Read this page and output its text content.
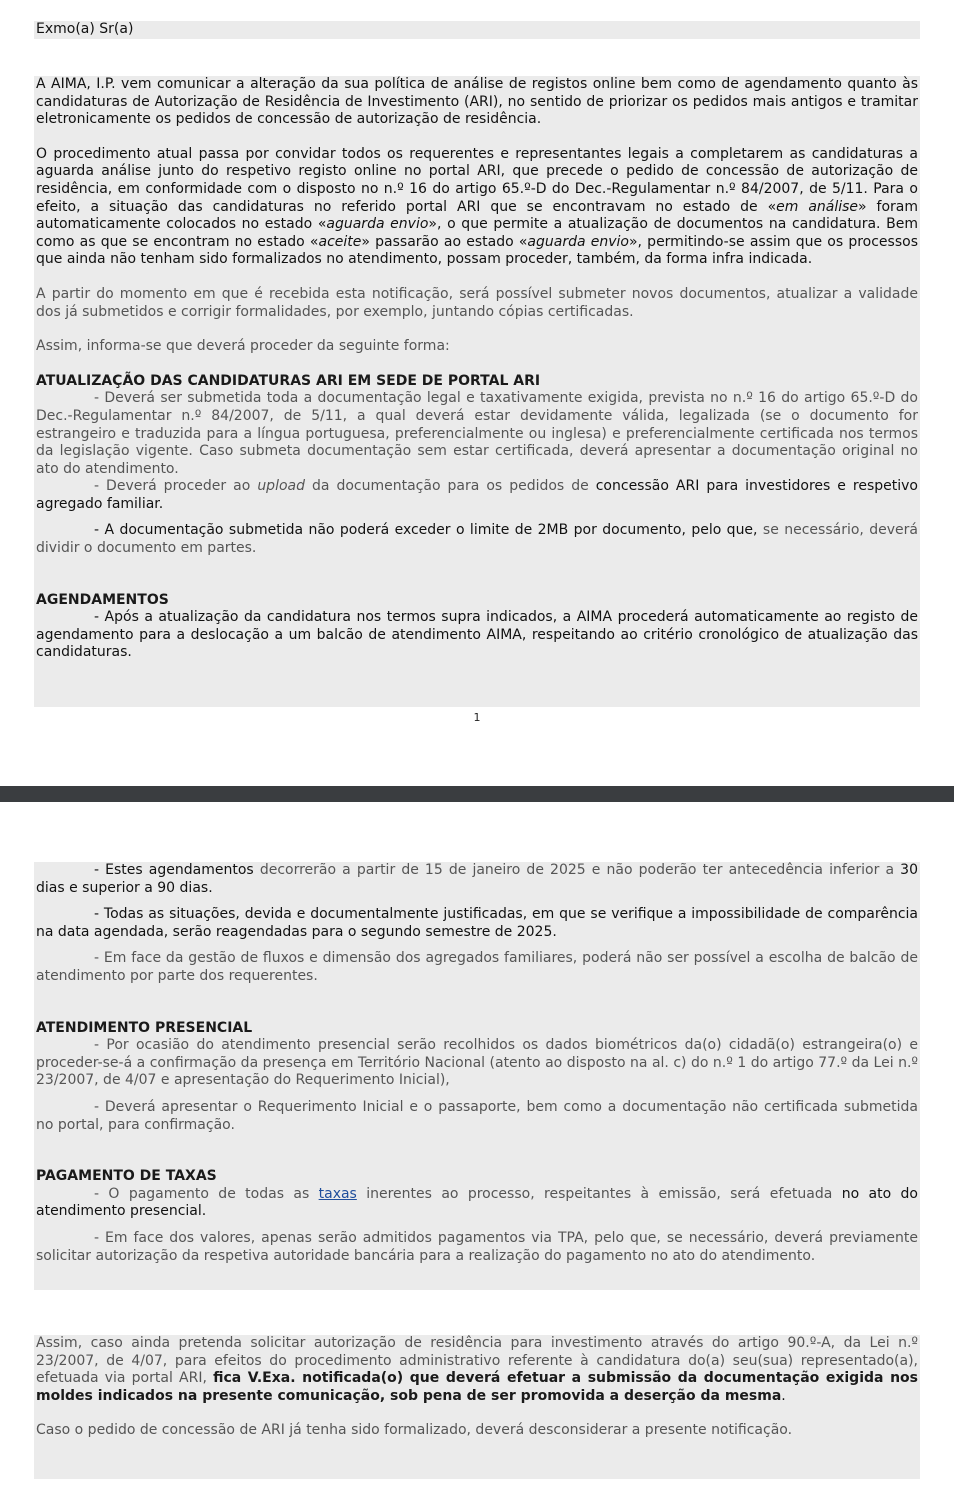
Exmo(a) Sr(a)

A AIMA, I.P. vem comunicar a alteração da sua política de análise de registos online bem como de agendamento quanto às candidaturas de Autorização de Residência de Investimento (ARI), no sentido de priorizar os pedidos mais antigos e tramitar eletronicamente os pedidos de concessão de autorização de residência.

O procedimento atual passa por convidar todos os requerentes e representantes legais a completarem as candidaturas a aguarda análise junto do respetivo registo online no portal ARI, que precede o pedido de concessão de autorização de residência, em conformidade com o disposto no n.º 16 do artigo 65.º-D do Dec.-Regulamentar n.º 84/2007, de 5/11. Para o efeito, a situação das candidaturas no referido portal ARI que se encontravam no estado de «em análise» foram automaticamente colocados no estado «aguarda envio», o que permite a atualização de documentos na candidatura. Bem como as que se encontram no estado «aceite» passarão ao estado «aguarda envio», permitindo-se assim que os processos que ainda não tenham sido formalizados no atendimento, possam proceder, também, da forma infra indicada.

A partir do momento em que é recebida esta notificação, será possível submeter novos documentos, atualizar a validade dos já submetidos e corrigir formalidades, por exemplo, juntando cópias certificadas.

Assim, informa-se que deverá proceder da seguinte forma:

ATUALIZAÇÃO DAS CANDIDATURAS ARI EM SEDE DE PORTAL ARI

- Deverá ser submetida toda a documentação legal e taxativamente exigida, prevista no n.º 16 do artigo 65.º-D do Dec.-Regulamentar n.º 84/2007, de 5/11, a qual deverá estar devidamente válida, legalizada (se o documento for estrangeiro e traduzida para a língua portuguesa, preferencialmente ou inglesa) e preferencialmente certificada nos termos da legislação vigente. Caso submeta documentação sem estar certificada, deverá apresentar a documentação original no ato do atendimento.

- Deverá proceder ao upload da documentação para os pedidos de concessão ARI para investidores e respetivo agregado familiar.

- A documentação submetida não poderá exceder o limite de 2MB por documento, pelo que, se necessário, deverá dividir o documento em partes.

AGENDAMENTOS

- Após a atualização da candidatura nos termos supra indicados, a AIMA procederá automaticamente ao registo de agendamento para a deslocação a um balcão de atendimento AIMA, respeitando ao critério cronológico de atualização das candidaturas.

1

- Estes agendamentos decorrerão a partir de 15 de janeiro de 2025 e não poderão ter antecedência inferior a 30 dias e superior a 90 dias.

- Todas as situações, devida e documentalmente justificadas, em que se verifique a impossibilidade de comparência na data agendada, serão reagendadas para o segundo semestre de 2025.

- Em face da gestão de fluxos e dimensão dos agregados familiares, poderá não ser possível a escolha de balcão de atendimento por parte dos requerentes.

ATENDIMENTO PRESENCIAL

- Por ocasião do atendimento presencial serão recolhidos os dados biométricos da(o) cidadã(o) estrangeira(o) e proceder-se-á a confirmação da presença em Território Nacional (atento ao disposto na al. c) do n.º 1 do artigo 77.º da Lei n.º 23/2007, de 4/07 e apresentação do Requerimento Inicial),

- Deverá apresentar o Requerimento Inicial e o passaporte, bem como a documentação não certificada submetida no portal, para confirmação.

PAGAMENTO DE TAXAS

- O pagamento de todas as taxas inerentes ao processo, respeitantes à emissão, será efetuada no ato do atendimento presencial.

- Em face dos valores, apenas serão admitidos pagamentos via TPA, pelo que, se necessário, deverá previamente solicitar autorização da respetiva autoridade bancária para a realização do pagamento no ato do atendimento.

Assim, caso ainda pretenda solicitar autorização de residência para investimento através do artigo 90.º-A, da Lei n.º 23/2007, de 4/07, para efeitos do procedimento administrativo referente à candidatura do(a) seu(sua) representado(a), efetuada via portal ARI, fica V.Exa. notificada(o) que deverá efetuar a submissão da documentação exigida nos moldes indicados na presente comunicação, sob pena de ser promovida a deserção da mesma.

Caso o pedido de concessão de ARI já tenha sido formalizado, deverá desconsiderar a presente notificação.
